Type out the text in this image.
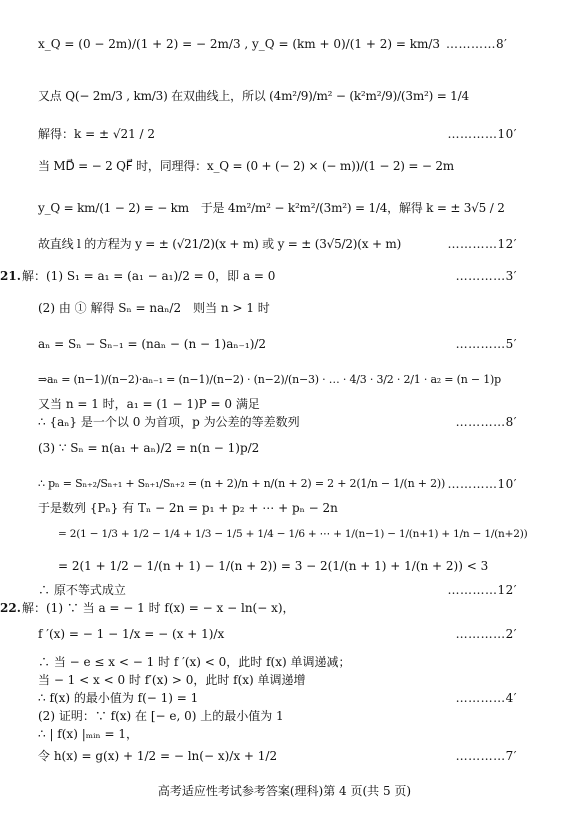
x_Q = (0 − 2m)/(1 + 2) = − 2m/3 , y_Q = (km + 0)/(1 + 2) = km/3 …………8′
又点 Q(− 2m/3 , km/3) 在双曲线上，所以 (4m²/9)/m² − (k²m²/9)/(3m²) = 1/4
解得：k = ± √21 / 2	…………10′
当 MD⃗ = − 2 QF⃗ 时，同理得：x_Q = (0 + (− 2) × (− m))/(1 − 2) = − 2m
y_Q = km/(1 − 2) = − km　于是 4m²/m² − k²m²/(3m²) = 1/4，解得 k = ± 3√5 / 2
故直线 l 的方程为 y = ± (√21/2)(x + m) 或 y = ± (3√5/2)(x + m)	…………12′
21. 解：(1) S₁ = a₁ = (a₁ − a₁)/2 = 0，即 a = 0	…………3′
(2) 由 ① 解得 Sₙ = naₙ/2　则当 n > 1 时
aₙ = Sₙ − Sₙ₋₁ = (naₙ − (n − 1)aₙ₋₁)/2	…………5′
⇒aₙ = (n−1)/(n−2)·aₙ₋₁ = (n−1)/(n−2) · (n−2)/(n−3) · … · 4/3 · 3/2 · 2/1 · a₂ = (n − 1)p
又当 n = 1 时，a₁ = (1 − 1)P = 0 满足
∴ {aₙ} 是一个以 0 为首项，p 为公差的等差数列	…………8′
(3) ∵ Sₙ = n(a₁ + aₙ)/2 = n(n − 1)p/2
∴ pₙ = Sₙ₊₂/Sₙ₊₁ + Sₙ₊₁/Sₙ₊₂ = (n + 2)/n + n/(n + 2) = 2 + 2(1/n − 1/(n + 2)) …………10′
于是数列 {Pₙ} 有 Tₙ − 2n = p₁ + p₂ + ⋯ + pₙ − 2n
= 2(1 − 1/3 + 1/2 − 1/4 + 1/3 − 1/5 + 1/4 − 1/6 + ⋯ + 1/(n−1) − 1/(n+1) + 1/n − 1/(n+2))
= 2(1 + 1/2 − 1/(n + 1) − 1/(n + 2)) = 3 − 2(1/(n + 1) + 1/(n + 2)) < 3
∴ 原不等式成立	…………12′
22. 解：(1) ∵ 当 a = − 1 时 f(x) = − x − ln(− x)，
f ′(x) = − 1 − 1/x = − (x + 1)/x	…………2′
∴ 当 − e ≤ x < − 1 时 f ′(x) < 0，此时 f(x) 单调递减；
当 − 1 < x < 0 时 f′(x) > 0，此时 f(x) 单调递增
∴ f(x) 的最小值为 f(− 1) = 1	…………4′
(2) 证明：∵ f(x) 在 [− e, 0) 上的最小值为 1
∴ | f(x) |ₘᵢₙ = 1，
令 h(x) = g(x) + 1/2 = − ln(− x)/x + 1/2	…………7′
高考适应性考试参考答案(理科)第 4 页(共 5 页)
